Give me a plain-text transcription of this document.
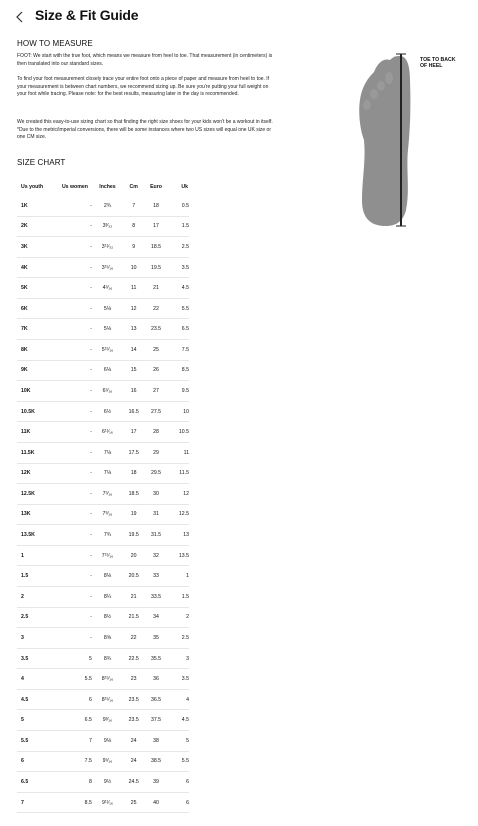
Size & Fit Guide
HOW TO MEASURE
FOOT: We start with the true foot, which means we measure from heel to toe. That measurement (in centimeters) is then translated into our standard sizes.
To find your foot measurement closely trace your entire foot onto a piece of paper and measure from heel to toe. If your measurement is between chart numbers, we recommend sizing up. Be sure you're putting your full weight on your foot while tracing. Please note: for the best results, measuring later in the day is recommended.
We created this easy-to-use sizing chart so that finding the right size shoes for your kids won't be a workout in itself. *Due to the metric/imperial conversions, there will be some instances where two US sizes will equal one UK size or one CM size.
TOE TO BACK OF HEEL
SIZE CHART
Us youth	Us women	Inches	Cm	Euro	Uk
1K	-	2¾	7	18	0.5
2K	-	3³⁄₃₂	8	17	1.5
3K	-	3¹¹⁄₃₂	9	18.5	2.5
4K	-	3¹⁵⁄₁₆	10	19.5	3.5
5K	-	4⁵⁄₁₆	11	21	4.5
6K	-	5⅛	12	22	5.5
7K	-	5⅛	13	23.5	6.5
8K	-	5¹⁵⁄₁₆	14	25	7.5
9K	-	6⅛	15	26	8.5
10K	-	6⁵⁄₁₆	16	27	9.5
10.5K	-	6½	16.5	27.5	10
11K	-	6¹¹⁄₁₆	17	28	10.5
11.5K	-	7⅛	17.5	29	11
12K	-	7⅛	18	29.5	11.5
12.5K	-	7⁵⁄₁₆	18.5	30	12
13K	-	7⁹⁄₁₆	19	31	12.5
13.5K	-	7¾	19.5	31.5	13
1	-	7¹⁵⁄₁₆	20	32	13.5
1.5	-	8⅛	20.5	33	1
2	-	8¼	21	33.5	1.5
2.5	-	8½	21.5	34	2
3	-	8⅝	22	35	2.5
3.5	5	8¾	22.5	35.5	3
4	5.5	8¹⁵⁄₁₆	23	36	3.5
4.5	6	8¹⁵⁄₁₆	23.5	36.5	4
5	6.5	9³⁄₁₆	23.5	37.5	4.5
5.5	7	9⅛	24	38	5
6	7.5	9⁵⁄₁₆	24	38.5	5.5
6.5	8	9½	24.5	39	6
7	8.5	9¹¹⁄₁₆	25	40	6
